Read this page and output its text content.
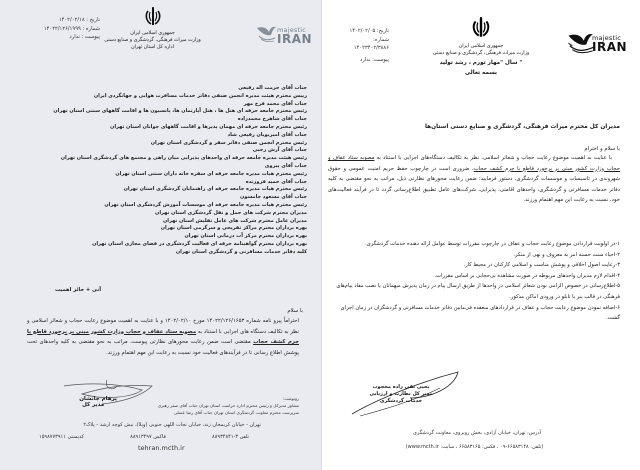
تاریخ : ۱۴۰۲/۰۲/۱۸
شماره : ۱۴۰۲۲/۱۲۶/۱۹۹۹
پیوست : ندارد
جمهوری اسلامی ایران
وزارت میراث فرهنگی، گردشگری و صنایع دستی
اداره کل استان تهران
majestic
IRAN
جناب آقای حرمت اله رفیعی
رییس محترم هیئت مدیره انجمن صنفی دفاتر خدمات مسافرت هوایی و جهانگردی ایران
جناب آقای محمد فرخ مهر
رئیس محترم جامعه حرفه ای هتل ها ، هتل آپارتمان ها، پانسیون ها و اقامت گاههای سنتی استان تهران
جناب آقای شاهرخ محمدزاده
رئیس محترم جامعه حرفه ای مهمان پذیرها و اقامت گاههای جوانان استان تهران
جناب آقای امیربویان رفیعی شاد
رئیس محترم انجمن صنفی دفاتر سفر و گردشگری استان تهران
جناب آقای آرش رجبی
رئیس هیئت مدیره جامعه حرفه ای واحدهای پذیرایی میان راهی و مجتمع های گردشگری استان تهران
جناب آقای پیروی
رئیس محترم هیات مدیره جامعه حرفه ای سفره خانه داران سنتی استان تهران
جناب آقای حمید فروزنده
رئیس محترم هیات مدیره جامعه حرفه ای راهنمایان گردشگری استان تهران
جناب آقای مسعود جامسون
رئیس محترم هیات مدیره جامعه حرفه ای موسسات آموزش گردشگری استان تهران
مدیران محترم شرکت های حمل و نقل گردشگری استان تهران
مدیران عامل محترم شرکت های عامل تفلیش استان تهران
بهره برداران محترم مراکز تفریحی و سرگرمی استان تهران
بهره برداران محترم مرکز آب درمانی استان تهران
بهره برداران محترم گواهینامه حرفه ای فعالیت گردشگری در فضای مجازی استان تهران
کلیه دفاتر خدمات مسافرتی و گردشگری استان تهران
آنی + حائز اهمیت
با سلام
احتراماً پیرو نامه شماره ۱۴۰۲۲/۱۲۶/۱۶۵۳ مورخ ۱۴۰۲/۰۲/۱۰ و با عنایت به اهمیت موضوع رعایت حجاب و شعائر اسلامی و نظر به تکالیف دستگاه های اجرایی با استناد به مصوبه ستاد عفاف و حجاب وزارت کشور مبنی بر برخورد قاطع با جرم کشف حجاب مقتضی است ضمن رعایت محورهای نظارتی پیوست، مراتب به نحو مقتضی به کلیه واحدهای تحت پوشش اطلاع رسانی تا در فرآیندهای فعالیت خود نسبت به رعایت این مهم اهتمام ورزند.
پرهام جانشان
مدیر کل
رونوشت:
مشاور مدیرکل و رئیس محترم اداره حراست استان تهران جناب آقای صفر رهبری
سرپرست محترم معاونت گردشگری استان تهران جناب آقای رضا عسلی
تهران - خیابان کریمخان زند، خیابان نجات اللهی جنوبی (ویلا)، نبش کوچه ارشد - پلاک۲
تلفن ۳-۸۸۹۳۴۸۴۱
فاکس ۸۸۹۱۳۴۹۷
کدپستی ۱۵۹۸۷۷۳۹۱۱
tehran.mcth.ir
تاریخ: ۱۴۰۲/۰۲/۰۵
شماره: ۱۴۰۲۳۴۰۲/۳۸۸۶
پیوست: ندارد
جمهوری اسلامی ایران
وزارت میراث فرهنگی، گردشگری و صنایع دستی
سال "مهار تورم ، رشد تولید "
بسمه تعالی
majestic
IRAN
مدیران کل محترم میراث فرهنگی، گردشگری و صنایع دستی استان‌ها
با سلام و احترام
با عنایت به اهمیت موضوع رعایت حجاب و شعائر اسلامی، نظر به تکالیف دستگاه‌های اجرایی با استناد به مصوبه ستاد عفاف و حجاب وزارت کشور مبنی بر برخورد قاطع با جرم کشف حجاب، ضروری است در چارچوب حفظ حریم امنیت عمومی و حقوق شهروندی در تاسیسات و موسسات گردشگری، دستور فرمایید؛ ضمن رعایت محورهای نظارتی ذیل، مراتب به نحو مقتضی به کلیه دفاتر خدمات مسافرتی و گردشگری، واحدهای اقامتی، پذیرایی، شرکت‌های عامل تطبیق اطلاع‌رسانی گردد تا در فرآیند فعالیت‌های خود، نسبت به رعایت این مهم اهتمام ورزند.
۱-در اولویت قراردادن موضوع رعایت حجاب و عفاف در چارچوب مقررات توسط عوامل ارائه دهنده خدمات گردشگری.
۲-احیاء سنت حسنه امر به معروف و نهی از منکر.
۳-رعایت اصول اخلاقی و پوشش مناسب و اسلامی کارکنان در محیط کار.
۴-اقدام لازم مدیران واحدهای مربوطه در صورت مشاهده بی‌حجابی بر اساس مقررات.
۵-اطلاع‌رسانی در خصوص الزامی بودن شعائر اسلامی در واحدها از طریق ارسال پیام در زمان پذیرش میهمانان یا نصب مفاد پیام‌های فرهنگی در قالب بنر یا تابلو در ورودی اماکن مذکور.
۶-اضافه نمودن موضوع رعایت حجاب و عفاف در قراردادهای منعقده فی‌مابین دفاتر خدمات مسافرتی و گردشگران در زمان اجرای گشت.
یحیی نقی زاده محجوب
مدیر کل نظارت و ارزیابی
خدمات گردشگری
آدرس: تهران، خیابان آزادی، بخش روبروی، معاونت گردشگری
(تلفن: ۶۶۵۸۳۱۴۸-۰۹ ، فکس: ۶۶۵۸۳۱۶۵ ، سایت: www.mcth.ir)
